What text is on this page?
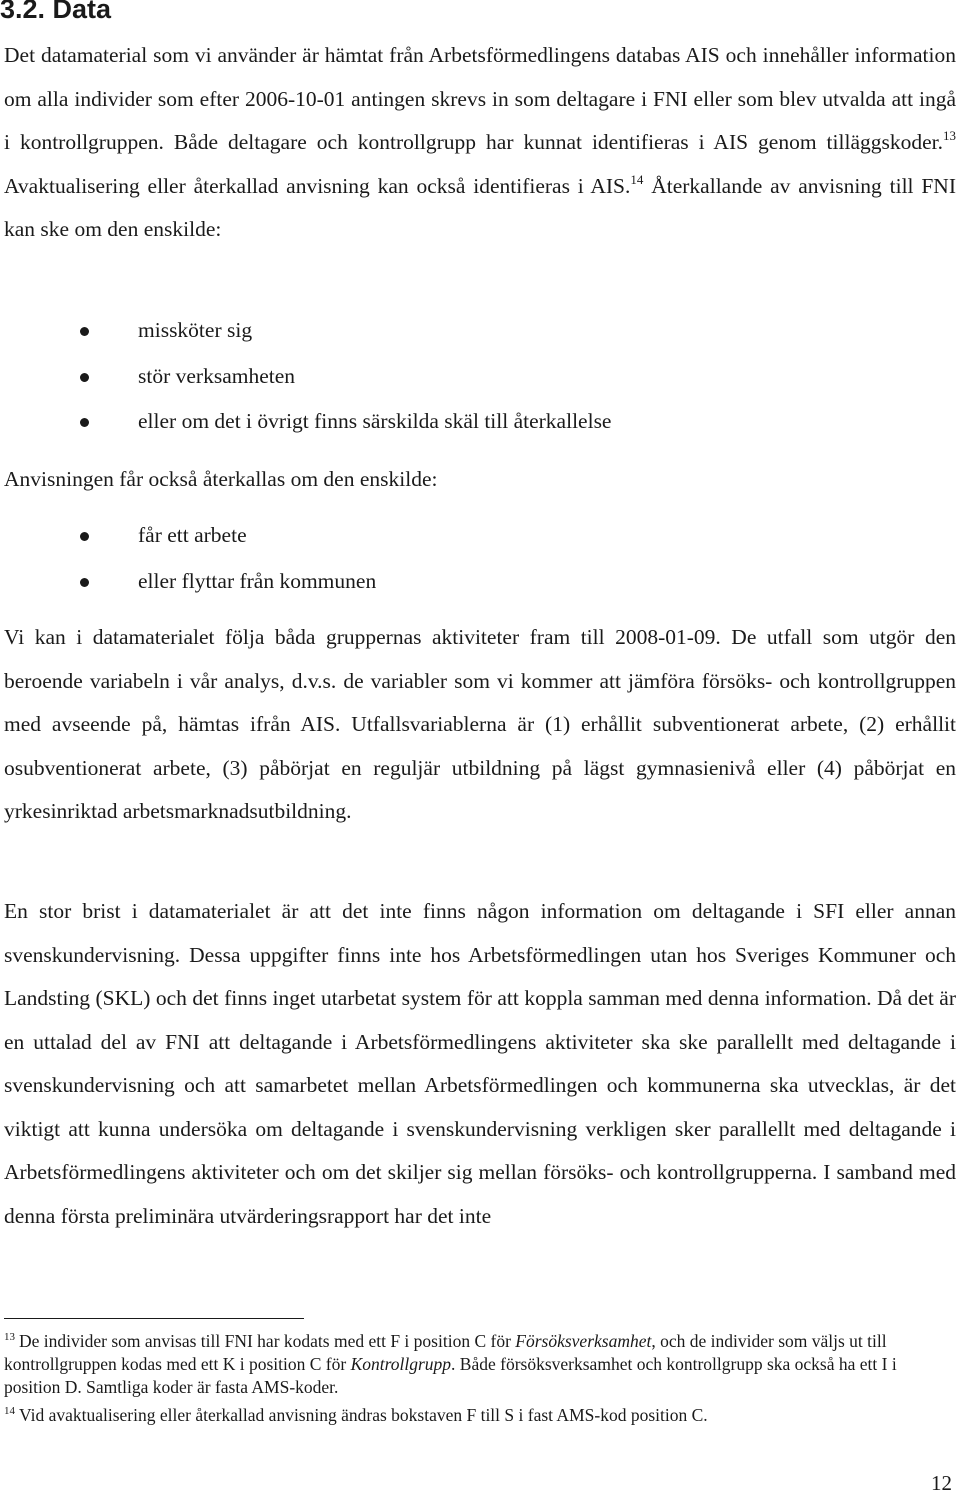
3.2. Data

Det datamaterial som vi använder är hämtat från Arbetsförmedlingens databas AIS och innehåller information om alla individer som efter 2006-10-01 antingen skrevs in som deltagare i FNI eller som blev utvalda att ingå i kontrollgruppen. Både deltagare och kontrollgrupp har kunnat identifieras i AIS genom tilläggskoder.$^{13}$ Avaktualisering eller återkallad anvisning kan också identifieras i AIS.$^{14}$ Återkallande av anvisning till FNI kan ske om den enskilde:

missköter sig
stör verksamheten
eller om det i övrigt finns särskilda skäl till återkallelse

Anvisningen får också återkallas om den enskilde:

får ett arbete
eller flyttar från kommunen

Vi kan i datamaterialet följa båda gruppernas aktiviteter fram till 2008-01-09. De utfall som utgör den beroende variabeln i vår analys, d.v.s. de variabler som vi kommer att jämföra försöks- och kontrollgruppen med avseende på, hämtas ifrån AIS. Utfallsvariablerna är (1) erhållit subventionerat arbete, (2) erhållit osubventionerat arbete, (3) påbörjat en reguljär utbildning på lägst gymnasienivå eller (4) påbörjat en yrkesinriktad arbetsmarknadsutbildning.

En stor brist i datamaterialet är att det inte finns någon information om deltagande i SFI eller annan svenskundervisning. Dessa uppgifter finns inte hos Arbetsförmedlingen utan hos Sveriges Kommuner och Landsting (SKL) och det finns inget utarbetat system för att koppla samman med denna information. Då det är en uttalad del av FNI att deltagande i Arbetsförmedlingens aktiviteter ska ske parallellt med deltagande i svenskundervisning och att samarbetet mellan Arbetsförmedlingen och kommunerna ska utvecklas, är det viktigt att kunna undersöka om deltagande i svenskundervisning verkligen sker parallellt med deltagande i Arbetsförmedlingens aktiviteter och om det skiljer sig mellan försöks- och kontrollgrupperna. I samband med denna första preliminära utvärderingsrapport har det inte

$^{13}$ De individer som anvisas till FNI har kodats med ett F i position C för Försöksverksamhet, och de individer som väljs ut till kontrollgruppen kodas med ett K i position C för Kontrollgrupp. Både försöksverksamhet och kontrollgrupp ska också ha ett I i position D. Samtliga koder är fasta AMS-koder.

$^{14}$ Vid avaktualisering eller återkallad anvisning ändras bokstaven F till S i fast AMS-kod position C.

12
